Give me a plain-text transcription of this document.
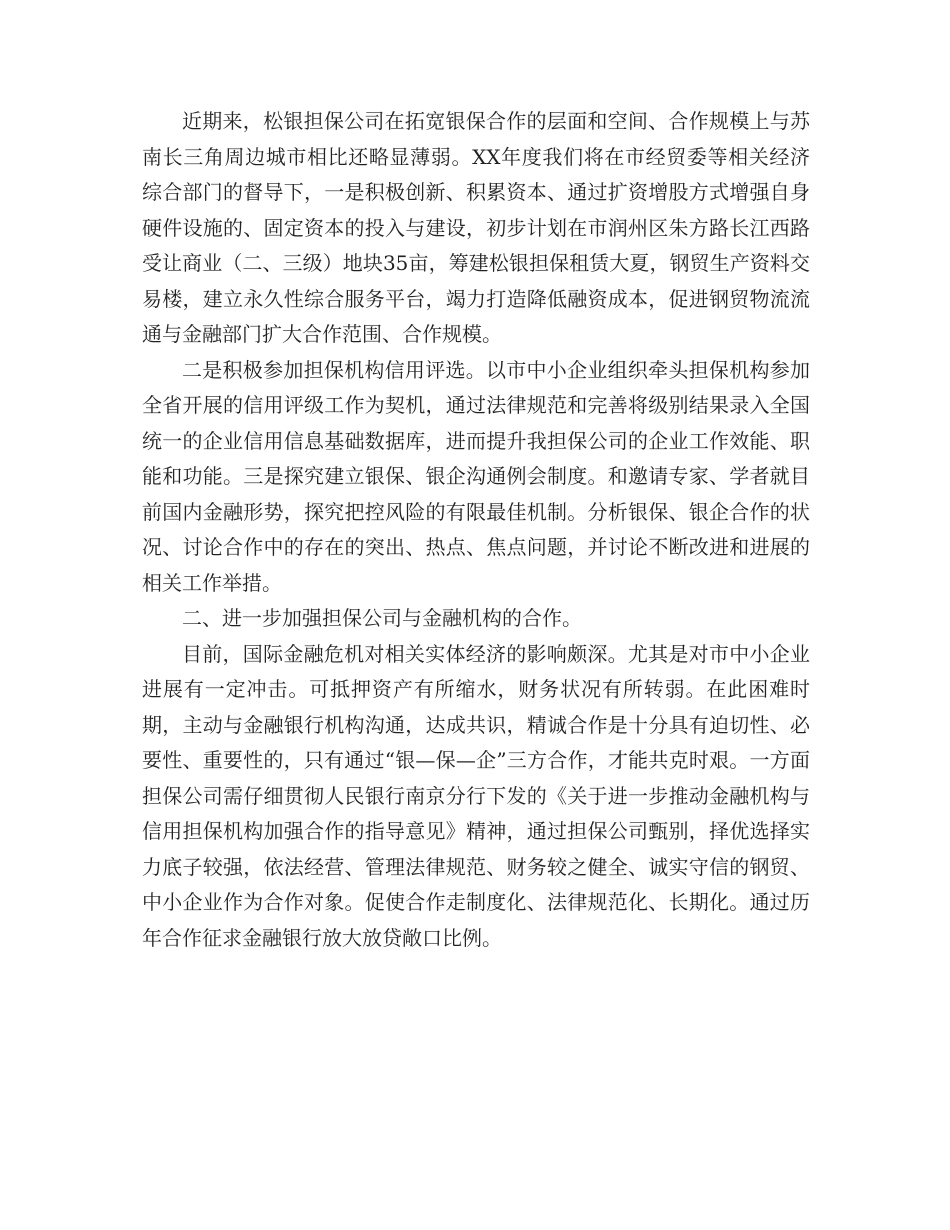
近期来，松银担保公司在拓宽银保合作的层面和空间、合作规模上与苏南长三角周边城市相比还略显薄弱。XX年度我们将在市经贸委等相关经济综合部门的督导下，一是积极创新、积累资本、通过扩资增股方式增强自身硬件设施的、固定资本的投入与建设，初步计划在市润州区朱方路长江西路受让商业（二、三级）地块35亩，筹建松银担保租赁大夏，钢贸生产资料交易楼，建立永久性综合服务平台，竭力打造降低融资成本，促进钢贸物流流通与金融部门扩大合作范围、合作规模。

二是积极参加担保机构信用评选。以市中小企业组织牵头担保机构参加全省开展的信用评级工作为契机，通过法律规范和完善将级别结果录入全国统一的企业信用信息基础数据库，进而提升我担保公司的企业工作效能、职能和功能。三是探究建立银保、银企沟通例会制度。和邀请专家、学者就目前国内金融形势，探究把控风险的有限最佳机制。分析银保、银企合作的状况、讨论合作中的存在的突出、热点、焦点问题，并讨论不断改进和进展的相关工作举措。

二、进一步加强担保公司与金融机构的合作。

目前，国际金融危机对相关实体经济的影响颇深。尤其是对市中小企业进展有一定冲击。可抵押资产有所缩水，财务状况有所转弱。在此困难时期，主动与金融银行机构沟通，达成共识，精诚合作是十分具有迫切性、必要性、重要性的，只有通过“银—保—企”三方合作，才能共克时艰。一方面担保公司需仔细贯彻人民银行南京分行下发的《关于进一步推动金融机构与信用担保机构加强合作的指导意见》精神，通过担保公司甄别，择优选择实力底子较强，依法经营、管理法律规范、财务较之健全、诚实守信的钢贸、中小企业作为合作对象。促使合作走制度化、法律规范化、长期化。通过历年合作征求金融银行放大放贷敞口比例。
